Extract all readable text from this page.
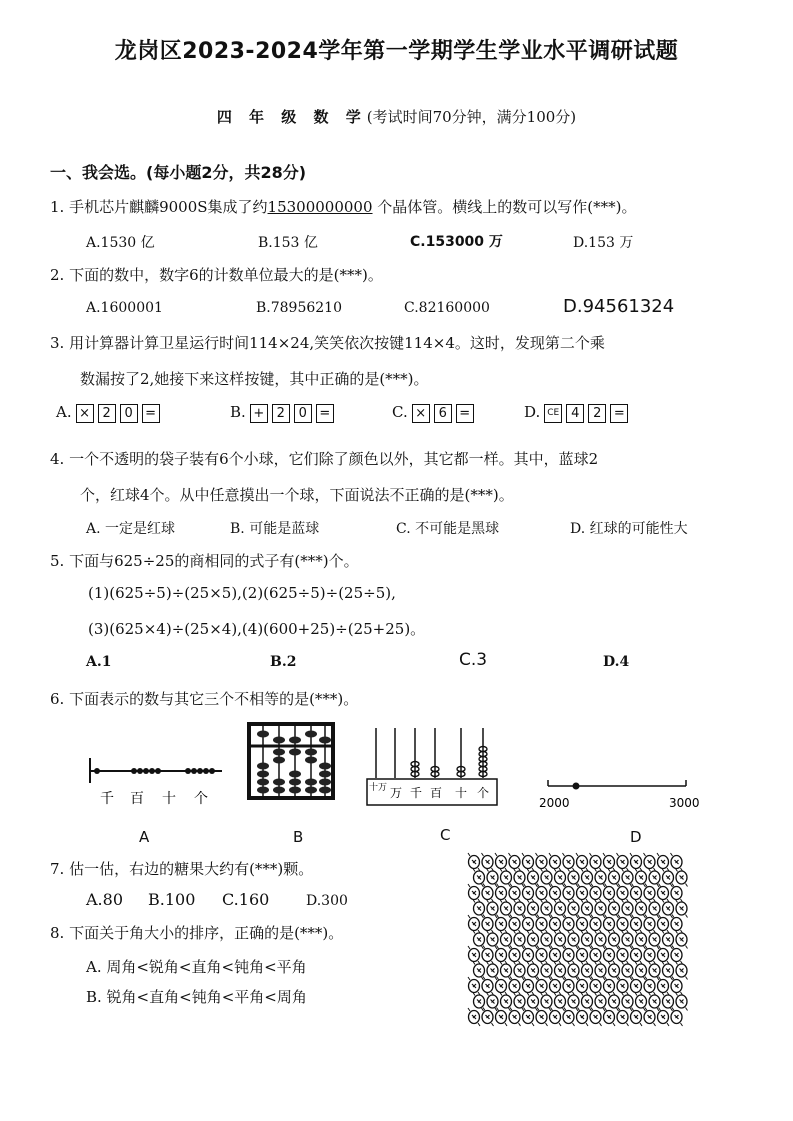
龙岗区2023-2024学年第一学期学生学业水平调研试题
四 年 级 数 学(考试时间70分钟，满分100分)
一、我会选。(每小题2分，共28分)
1. 手机芯片麒麟9000S集成了约15300000000 个晶体管。横线上的数可以写作(***)。
A.1530 亿	B.153 亿	C.153000 万	D.153 万
2. 下面的数中，数字6的计数单位最大的是(***)。
A.1600001	B.78956210	C.82160000	D.94561324
3. 用计算器计算卫星运行时间114×24,笑笑依次按键114×4。这时，发现第二个乘
数漏按了2,她接下来这样按键，其中正确的是(***)。
A. × 2 0 =	B. + 2 0 =	C. × 6 =	D. CE 4 2 =
4. 一个不透明的袋子装有6个小球，它们除了颜色以外，其它都一样。其中，蓝球2
个，红球4个。从中任意摸出一个球，下面说法不正确的是(***)。
A. 一定是红球	B. 可能是蓝球	C. 不可能是黑球	D. 红球的可能性大
5. 下面与625÷25的商相同的式子有(***)个。
(1)(625÷5)÷(25×5),(2)(625÷5)÷(25÷5),
(3)(625×4)÷(25×4),(4)(600+25)÷(25+25)。
A.1	B.2	C.3	D.4
6. 下面表示的数与其它三个不相等的是(***)。
千 百 十 个
A	B
十万 万 千 百 十 个
C
2000	3000
D
7. 估一估，右边的糖果大约有(***)颗。
A.80 B.100 C.160	D.300
8. 下面关于角大小的排序，正确的是(***)。
A. 周角<锐角<直角<钝角<平角
B. 锐角<直角<钝角<平角<周角
